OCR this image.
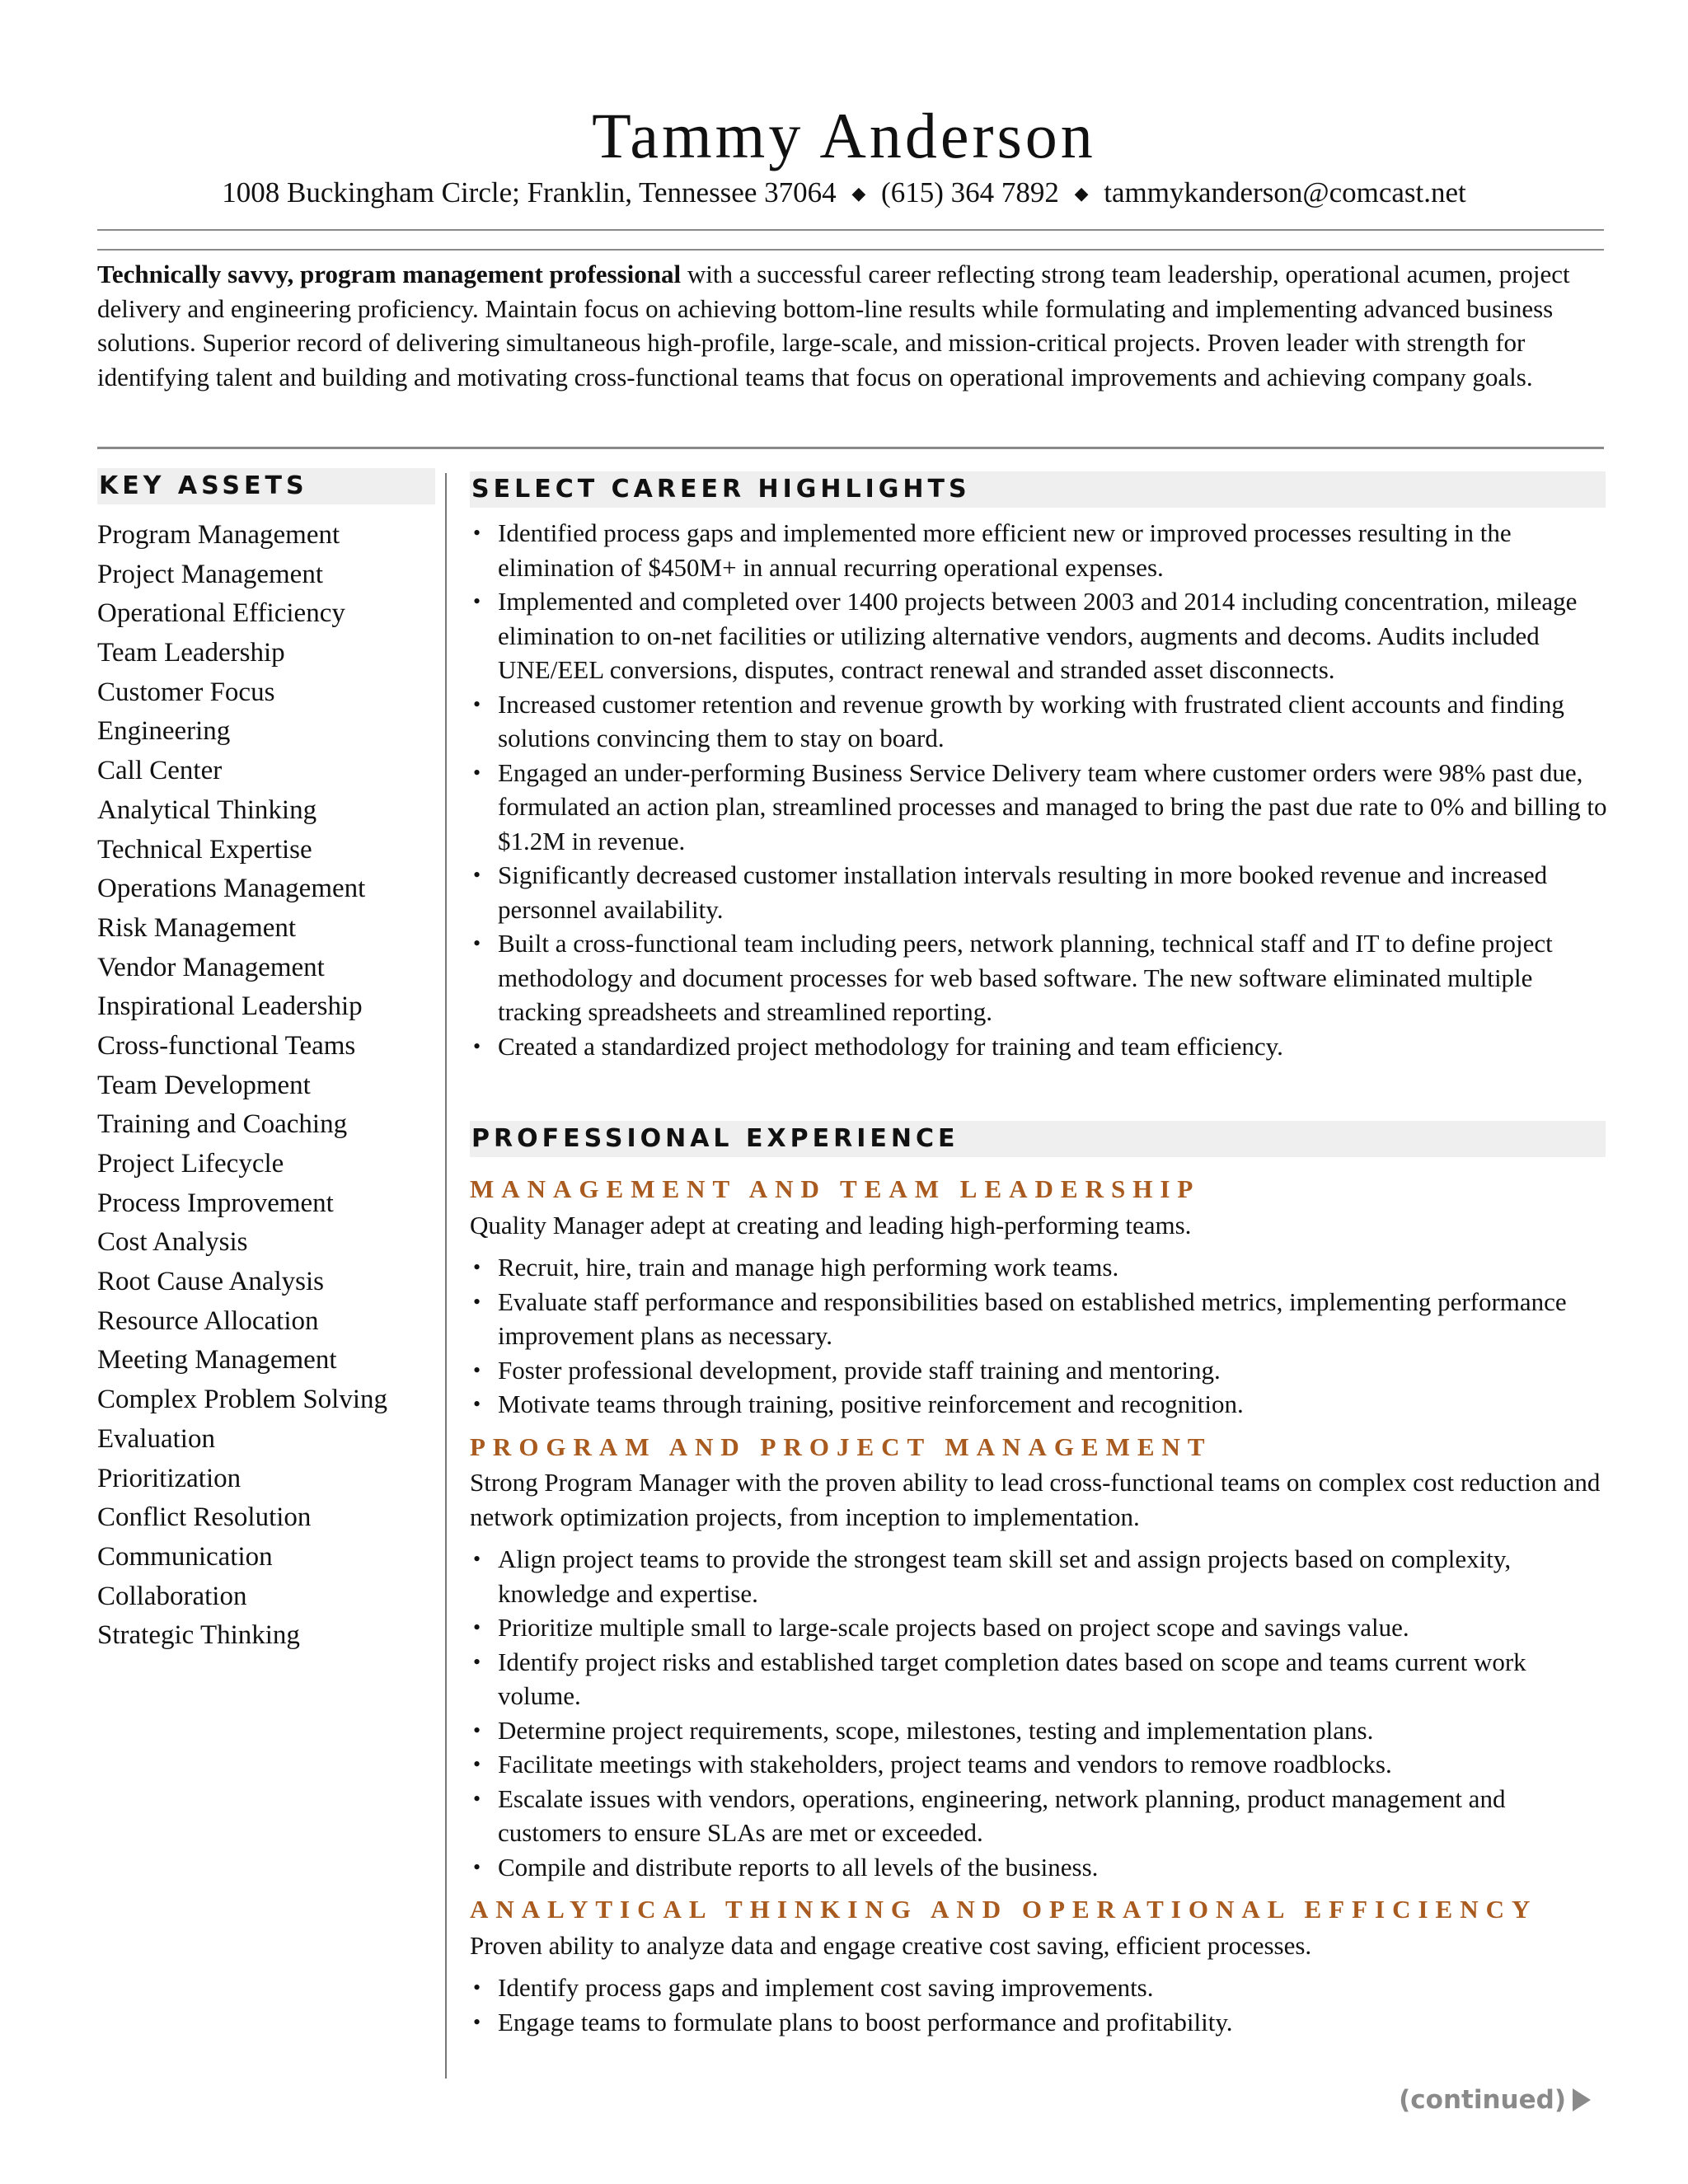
Tammy Anderson
1008 Buckingham Circle; Franklin, Tennessee 37064 ◆ (615) 364 7892 ◆ tammykanderson@comcast.net
Technically savvy, program management professional with a successful career reflecting strong team leadership, operational acumen, project delivery and engineering proficiency. Maintain focus on achieving bottom-line results while formulating and implementing advanced business solutions. Superior record of delivering simultaneous high-profile, large-scale, and mission-critical projects. Proven leader with strength for identifying talent and building and motivating cross-functional teams that focus on operational improvements and achieving company goals.
KEY ASSETS
Program Management
Project Management
Operational Efficiency
Team Leadership
Customer Focus
Engineering
Call Center
Analytical Thinking
Technical Expertise
Operations Management
Risk Management
Vendor Management
Inspirational Leadership
Cross-functional Teams
Team Development
Training and Coaching
Project Lifecycle
Process Improvement
Cost Analysis
Root Cause Analysis
Resource Allocation
Meeting Management
Complex Problem Solving
Evaluation
Prioritization
Conflict Resolution
Communication
Collaboration
Strategic Thinking
SELECT CAREER HIGHLIGHTS
• Identified process gaps and implemented more efficient new or improved processes resulting in the elimination of $450M+ in annual recurring operational expenses.
• Implemented and completed over 1400 projects between 2003 and 2014 including concentration, mileage elimination to on-net facilities or utilizing alternative vendors, augments and decoms. Audits included UNE/EEL conversions, disputes, contract renewal and stranded asset disconnects.
• Increased customer retention and revenue growth by working with frustrated client accounts and finding solutions convincing them to stay on board.
• Engaged an under-performing Business Service Delivery team where customer orders were 98% past due, formulated an action plan, streamlined processes and managed to bring the past due rate to 0% and billing to $1.2M in revenue.
• Significantly decreased customer installation intervals resulting in more booked revenue and increased personnel availability.
• Built a cross-functional team including peers, network planning, technical staff and IT to define project methodology and document processes for web based software. The new software eliminated multiple tracking spreadsheets and streamlined reporting.
• Created a standardized project methodology for training and team efficiency.
PROFESSIONAL EXPERIENCE
MANAGEMENT AND TEAM LEADERSHIP

Quality Manager adept at creating and leading high-performing teams.

• Recruit, hire, train and manage high performing work teams.
• Evaluate staff performance and responsibilities based on established metrics, implementing performance improvement plans as necessary.
• Foster professional development, provide staff training and mentoring.
• Motivate teams through training, positive reinforcement and recognition.
PROGRAM AND PROJECT MANAGEMENT

Strong Program Manager with the proven ability to lead cross-functional teams on complex cost reduction and network optimization projects, from inception to implementation.

• Align project teams to provide the strongest team skill set and assign projects based on complexity, knowledge and expertise.
• Prioritize multiple small to large-scale projects based on project scope and savings value.
• Identify project risks and established target completion dates based on scope and teams current work volume.
• Determine project requirements, scope, milestones, testing and implementation plans.
• Facilitate meetings with stakeholders, project teams and vendors to remove roadblocks.
• Escalate issues with vendors, operations, engineering, network planning, product management and customers to ensure SLAs are met or exceeded.
• Compile and distribute reports to all levels of the business.
ANALYTICAL THINKING AND OPERATIONAL EFFICIENCY

Proven ability to analyze data and engage creative cost saving, efficient processes.

• Identify process gaps and implement cost saving improvements.
• Engage teams to formulate plans to boost performance and profitability.
(continued)
